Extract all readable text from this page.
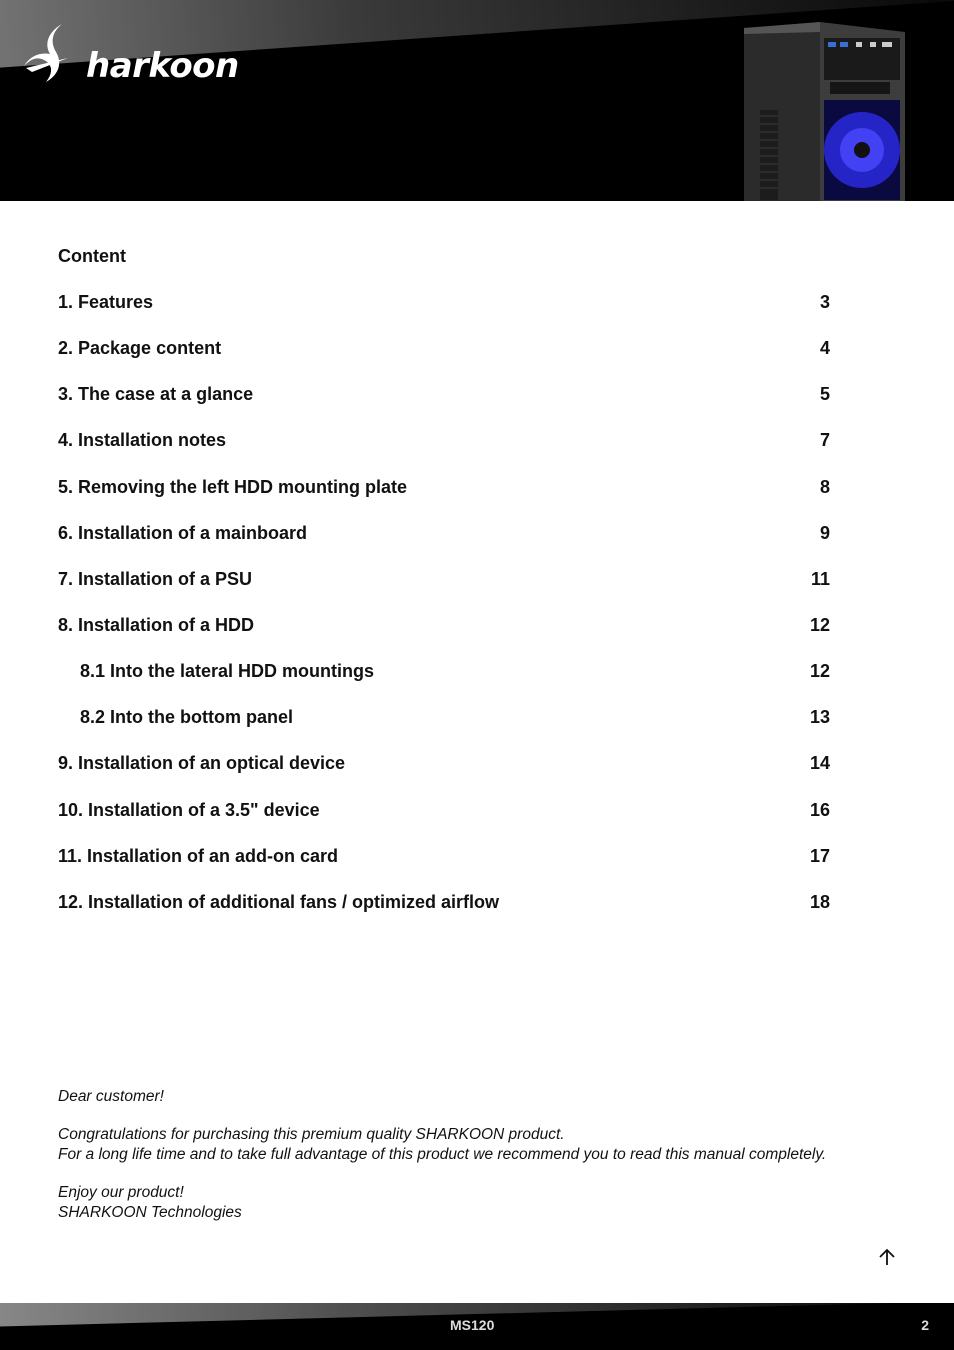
harkoon
Content
1. Features	3
2. Package content	4
3. The case at a glance	5
4. Installation notes	7
5. Removing the left HDD mounting plate	8
6. Installation of a mainboard	9
7. Installation of a PSU	11
8. Installation of a HDD	12
8.1 Into the lateral HDD mountings	12
8.2 Into the bottom panel	13
9. Installation of an optical device	14
10. Installation of a 3.5" device	16
11. Installation of an add-on card	17
12. Installation of additional fans / optimized airflow	18

Dear customer!

Congratulations for purchasing this premium quality SHARKOON product.

For a long life time and to take full advantage of this product we recommend you to read this manual completely.

Enjoy our product!

SHARKOON Technologies

MS120	2
